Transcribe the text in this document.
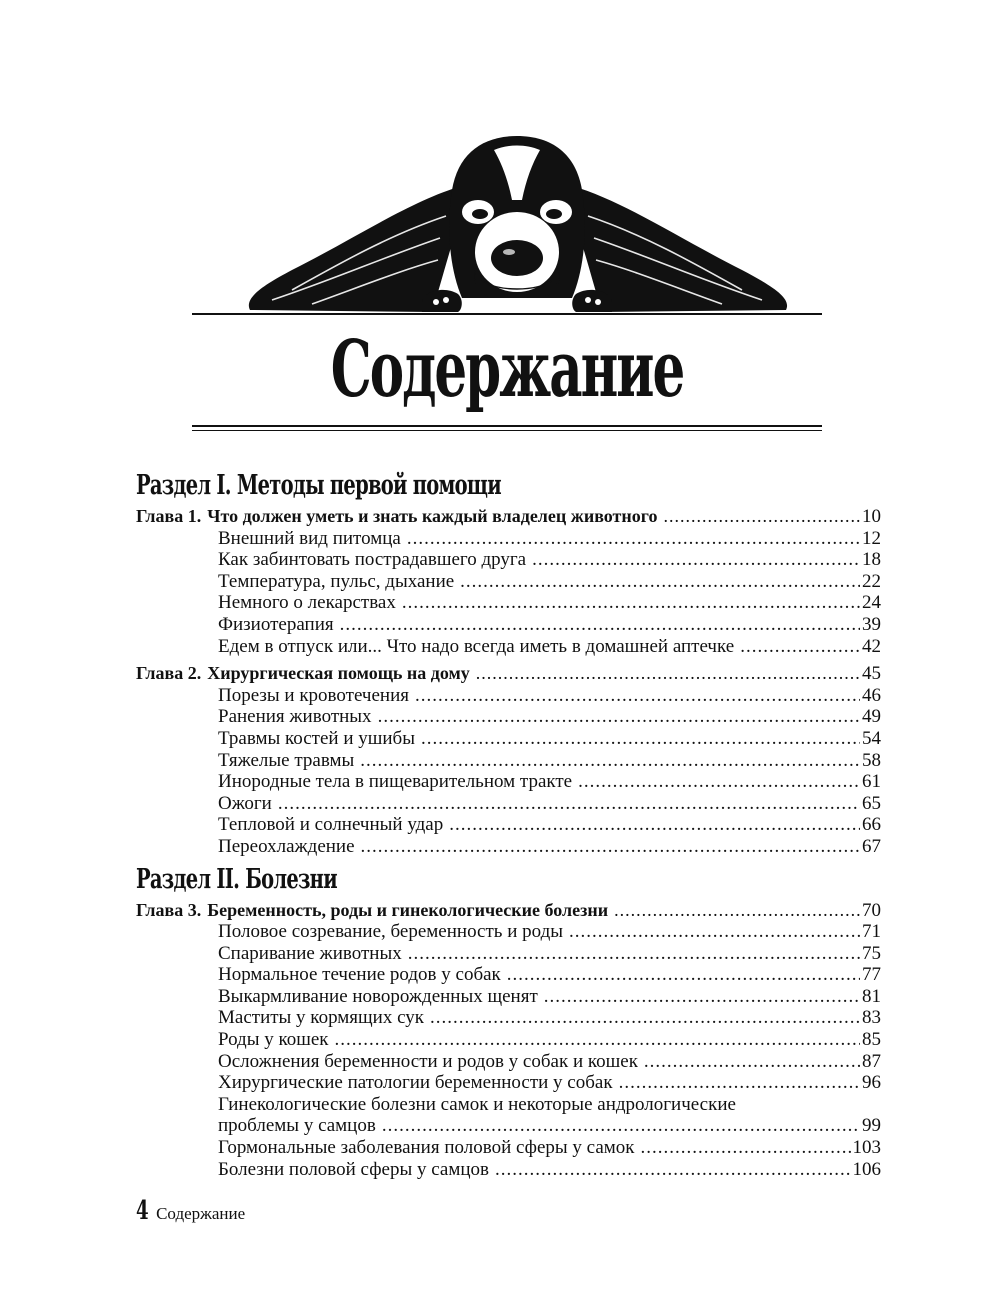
Содержание
Раздел I. Методы первой помощи
Глава 1. Что должен уметь и знать каждый владелец животного .....	10
Внешний вид питомца .....	12
Как забинтовать пострадавшего друга .....	18
Температура, пульс, дыхание .....	22
Немного о лекарствах .....	24
Физиотерапия .....	39
Едем в отпуск или... Что надо всегда иметь в домашней аптечке .....	42
Глава 2. Хирургическая помощь на дому .....	45
Порезы и кровотечения .....	46
Ранения животных .....	49
Травмы костей и ушибы .....	54
Тяжелые травмы .....	58
Инородные тела в пищеварительном тракте .....	61
Ожоги .....	65
Тепловой и солнечный удар .....	66
Переохлаждение .....	67
Раздел II. Болезни
Глава 3. Беременность, роды и гинекологические болезни .....	70
Половое созревание, беременность и роды .....	71
Спаривание животных .....	75
Нормальное течение родов у собак .....	77
Выкармливание новорожденных щенят .....	81
Маститы у кормящих сук .....	83
Роды у кошек .....	85
Осложнения беременности и родов у собак и кошек .....	87
Хирургические патологии беременности у собак .....	96
Гинекологические болезни самок и некоторые андрологические
проблемы у самцов .....	99
Гормональные заболевания половой сферы у самок .....	103
Болезни половой сферы у самцов .....	106
4 Содержание
